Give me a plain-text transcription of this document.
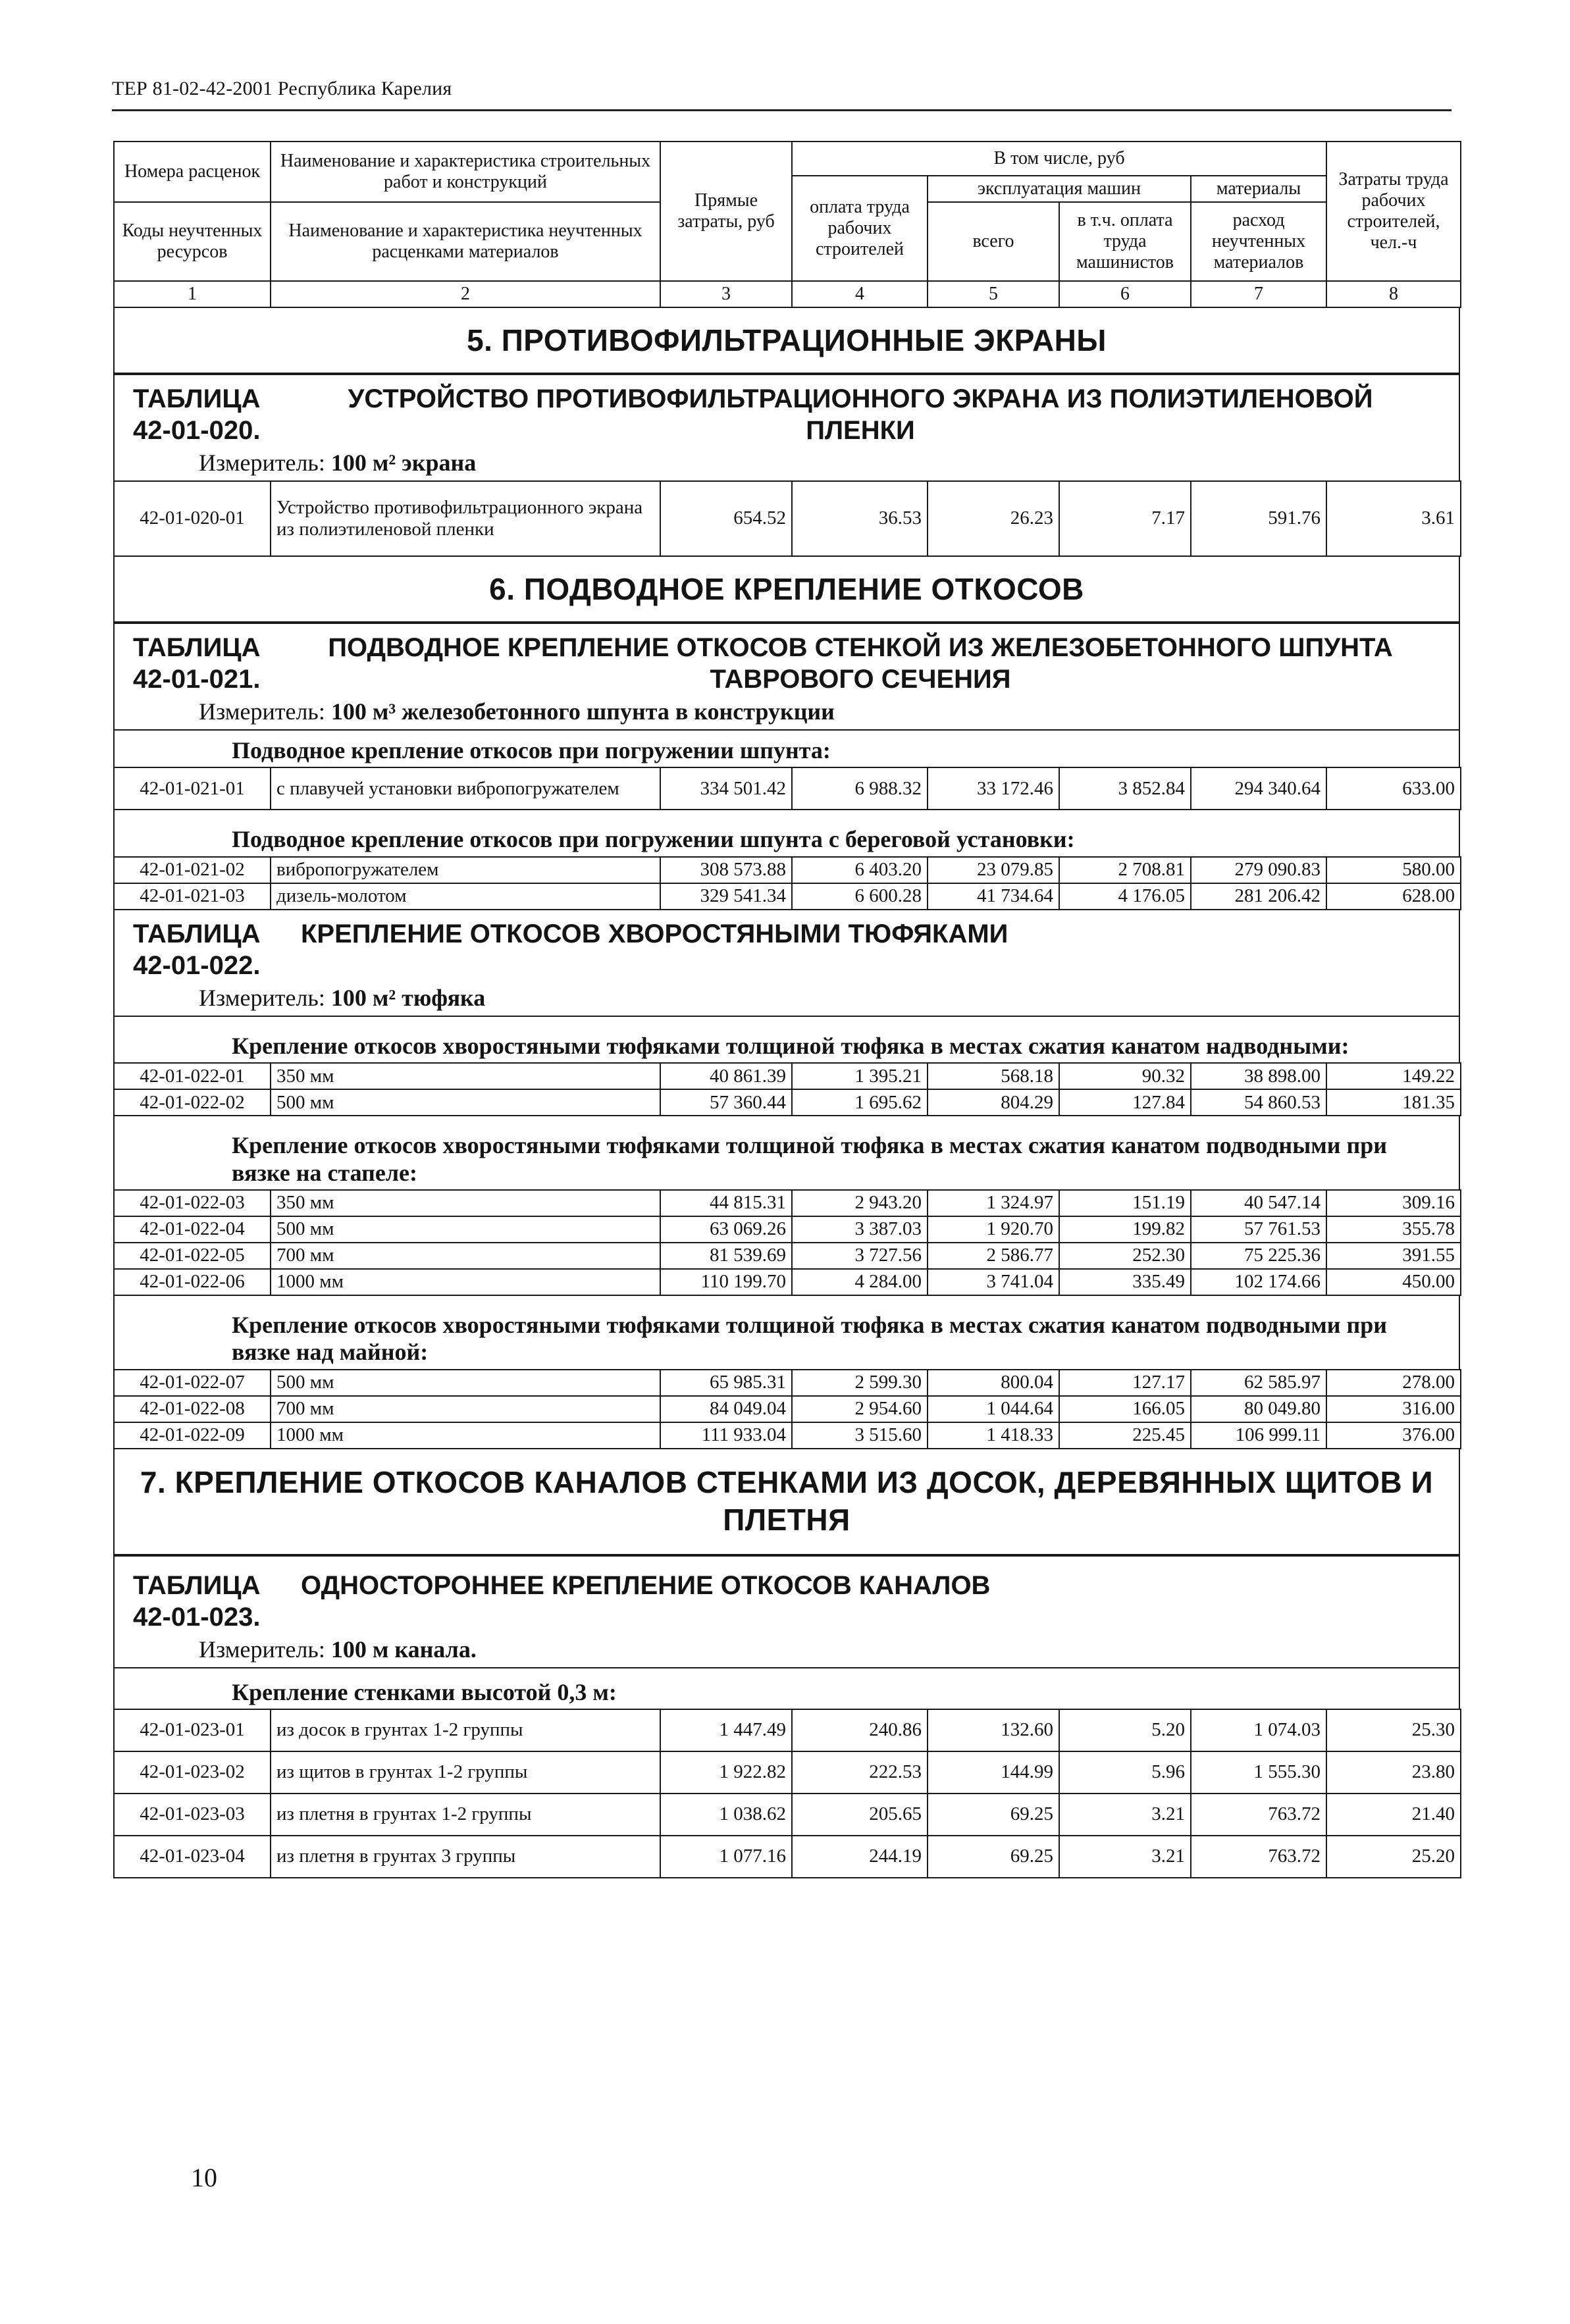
ТЕР 81-02-42-2001 Республика Карелия
Номера расценок	Наименование и характеристика строительных работ и конструкций	Прямые затраты, руб	В том числе, руб				Затраты труда рабочих строителей, чел.-ч
			оплата труда рабочих строителей	эксплуатация машин		материалы	
Коды неучтенных ресурсов	Наименование и характеристика неучтенных расценками материалов			всего	в т.ч. оплата труда машинистов	расход неучтенных материалов	

1	2	3	4	5	6	7	8
5. ПРОТИВОФИЛЬТРАЦИОННЫЕ ЭКРАНЫ
ТАБЛИЦА 42-01-020.УСТРОЙСТВО ПРОТИВОФИЛЬТРАЦИОННОГО ЭКРАНА ИЗ ПОЛИЭТИЛЕНОВОЙ ПЛЕНКИ
Измеритель: 100 м² экрана
42-01-020-01	Устройство противофильтрационного экрана из полиэтиленовой пленки	654.52	36.53	26.23	7.17	591.76	3.61
6. ПОДВОДНОЕ КРЕПЛЕНИЕ ОТКОСОВ
ТАБЛИЦА 42-01-021.ПОДВОДНОЕ КРЕПЛЕНИЕ ОТКОСОВ СТЕНКОЙ ИЗ ЖЕЛЕЗОБЕТОННОГО ШПУНТА ТАВРОВОГО СЕЧЕНИЯ
Измеритель: 100 м³ железобетонного шпунта в конструкции
Подводное крепление откосов при погружении шпунта:
42-01-021-01	с плавучей установки вибропогружателем	334 501.42	6 988.32	33 172.46	3 852.84	294 340.64	633.00
Подводное крепление откосов при погружении шпунта с береговой установки:
42-01-021-02	вибропогружателем	308 573.88	6 403.20	23 079.85	2 708.81	279 090.83	580.00
42-01-021-03	дизель-молотом	329 541.34	6 600.28	41 734.64	4 176.05	281 206.42	628.00
ТАБЛИЦА 42-01-022.КРЕПЛЕНИЕ ОТКОСОВ ХВОРОСТЯНЫМИ ТЮФЯКАМИ
Измеритель: 100 м² тюфяка
Крепление откосов хворостяными тюфяками толщиной тюфяка в местах сжатия канатом надводными:
42-01-022-01	350 мм	40 861.39	1 395.21	568.18	90.32	38 898.00	149.22
42-01-022-02	500 мм	57 360.44	1 695.62	804.29	127.84	54 860.53	181.35
Крепление откосов хворостяными тюфяками толщиной тюфяка в местах сжатия канатом подводными при вязке на стапеле:
42-01-022-03	350 мм	44 815.31	2 943.20	1 324.97	151.19	40 547.14	309.16
42-01-022-04	500 мм	63 069.26	3 387.03	1 920.70	199.82	57 761.53	355.78
42-01-022-05	700 мм	81 539.69	3 727.56	2 586.77	252.30	75 225.36	391.55
42-01-022-06	1000 мм	110 199.70	4 284.00	3 741.04	335.49	102 174.66	450.00
Крепление откосов хворостяными тюфяками толщиной тюфяка в местах сжатия канатом подводными при вязке над майной:
42-01-022-07	500 мм	65 985.31	2 599.30	800.04	127.17	62 585.97	278.00
42-01-022-08	700 мм	84 049.04	2 954.60	1 044.64	166.05	80 049.80	316.00
42-01-022-09	1000 мм	111 933.04	3 515.60	1 418.33	225.45	106 999.11	376.00
7. КРЕПЛЕНИЕ ОТКОСОВ КАНАЛОВ СТЕНКАМИ ИЗ ДОСОК, ДЕРЕВЯННЫХ ЩИТОВ И ПЛЕТНЯ
ТАБЛИЦА 42-01-023.ОДНОСТОРОННЕЕ КРЕПЛЕНИЕ ОТКОСОВ КАНАЛОВ
Измеритель: 100 м канала.
Крепление стенками высотой 0,3 м:
42-01-023-01	из досок в грунтах 1-2 группы	1 447.49	240.86	132.60	5.20	1 074.03	25.30
42-01-023-02	из щитов в грунтах 1-2 группы	1 922.82	222.53	144.99	5.96	1 555.30	23.80
42-01-023-03	из плетня в грунтах 1-2 группы	1 038.62	205.65	69.25	3.21	763.72	21.40
42-01-023-04	из плетня в грунтах 3 группы	1 077.16	244.19	69.25	3.21	763.72	25.20
10
